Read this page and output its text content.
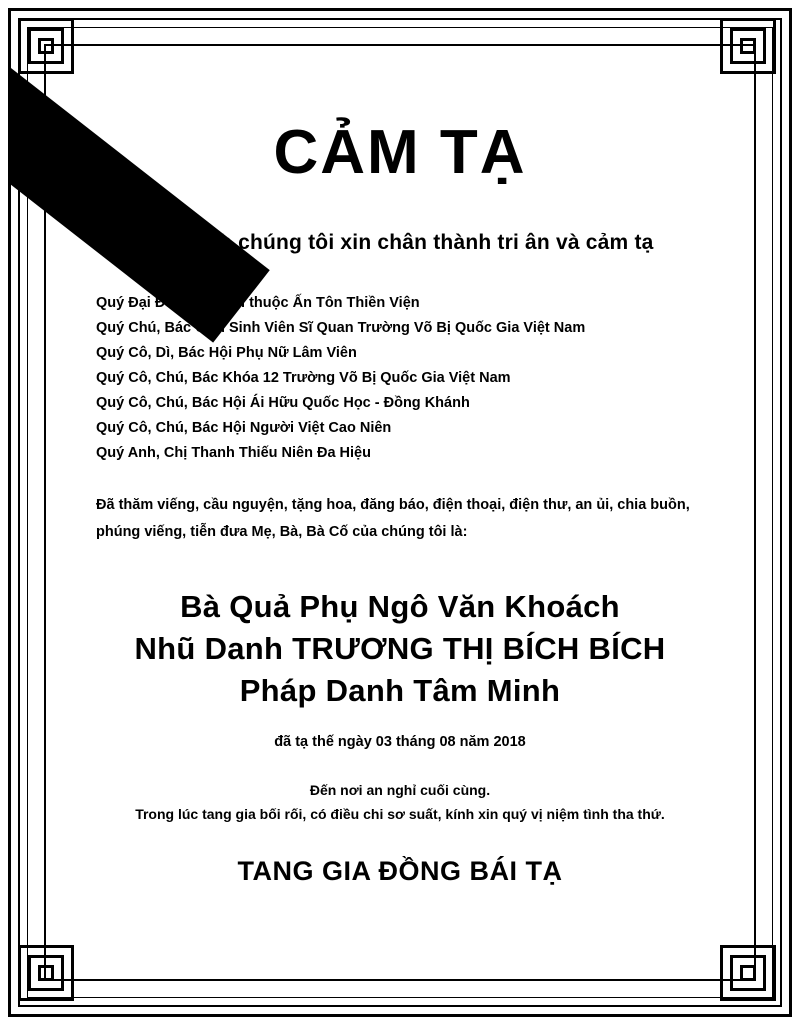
CẢM TẠ
Gia đình chúng tôi xin chân thành tri ân và cảm tạ
Quý Đại Đức, Tăng Ni thuộc Ấn Tôn Thiền Viện
Quý Chú, Bác Cựu Sinh Viên Sĩ Quan Trường Võ Bị Quốc Gia Việt Nam
Quý Cô, Dì, Bác Hội Phụ Nữ Lâm Viên
Quý Cô, Chú, Bác Khóa 12 Trường Võ Bị Quốc Gia Việt Nam
Quý Cô, Chú, Bác Hội Ái Hữu Quốc Học - Đồng Khánh
Quý Cô, Chú, Bác Hội Người Việt Cao Niên
Quý Anh, Chị Thanh Thiếu Niên Đa Hiệu
Đã thăm viếng, cầu nguyện, tặng hoa, đăng báo, điện thoại, điện thư, an ủi, chia buồn, phúng viếng, tiễn đưa Mẹ, Bà, Bà Cố của chúng tôi là:
Bà Quả Phụ Ngô Văn Khoách
Nhũ Danh TRƯƠNG THỊ BÍCH BÍCH
Pháp Danh Tâm Minh
đã tạ thế ngày 03 tháng 08 năm 2018
Đến nơi an nghỉ cuối cùng.
Trong lúc tang gia bối rối, có điều chi sơ suất, kính xin quý vị niệm tình tha thứ.
TANG GIA ĐỒNG BÁI TẠ
